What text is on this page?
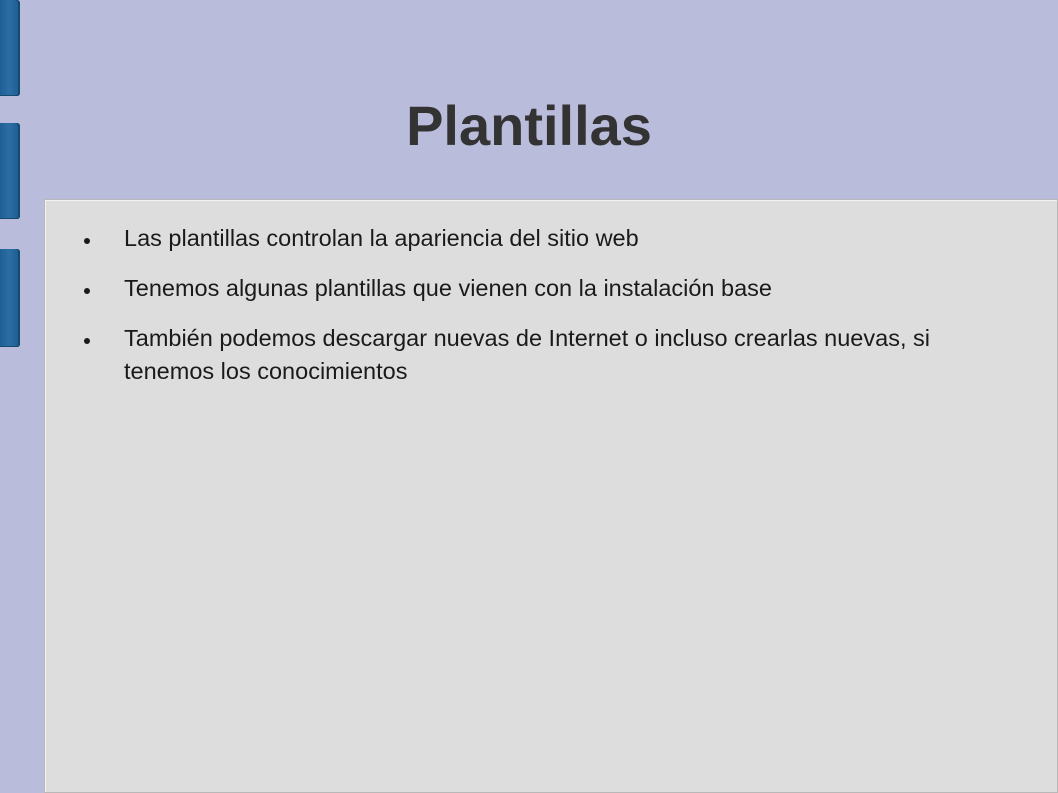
Plantillas
Las plantillas controlan la apariencia del sitio web
Tenemos algunas plantillas que vienen con la instalación base
También podemos descargar nuevas de Internet o incluso crearlas nuevas, si tenemos los conocimientos
